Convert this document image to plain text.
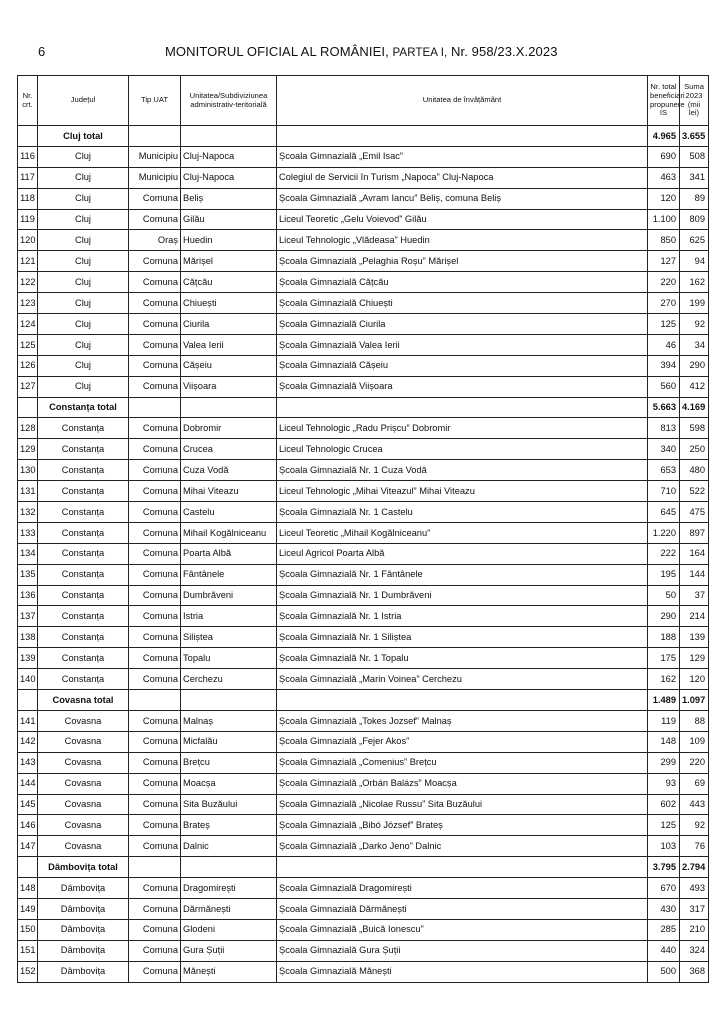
6	MONITORUL OFICIAL AL ROMÂNIEI, PARTEA I, Nr. 958/23.X.2023
Nr. crt.	Județul	Tip UAT	Unitatea/Subdiviziunea administrativ-teritorială	Unitatea de învățământ	Nr. total beneficiari propunere IS	Suma 2023 (mii lei)
	Cluj total				4.965	3.655
116	Cluj	Municipiu	Cluj-Napoca	Școala Gimnazială „Emil Isac”	690	508
117	Cluj	Municipiu	Cluj-Napoca	Colegiul de Servicii în Turism „Napoca” Cluj-Napoca	463	341
118	Cluj	Comuna	Beliș	Școala Gimnazială „Avram Iancu” Beliș, comuna Beliș	120	89
119	Cluj	Comuna	Gilău	Liceul Teoretic „Gelu Voievod” Gilău	1.100	809
120	Cluj	Oraș	Huedin	Liceul Tehnologic „Vlădeasa” Huedin	850	625
121	Cluj	Comuna	Mărișel	Școala Gimnazială „Pelaghia Roșu” Mărișel	127	94
122	Cluj	Comuna	Cățcău	Școala Gimnazială Cățcău	220	162
123	Cluj	Comuna	Chiuești	Școala Gimnazială Chiuești	270	199
124	Cluj	Comuna	Ciurila	Școala Gimnazială Ciurila	125	92
125	Cluj	Comuna	Valea Ierii	Școala Gimnazială Valea Ierii	46	34
126	Cluj	Comuna	Cășeiu	Școala Gimnazială Cășeiu	394	290
127	Cluj	Comuna	Viișoara	Școala Gimnazială Viișoara	560	412
	Constanța total				5.663	4.169
128	Constanța	Comuna	Dobromir	Liceul Tehnologic „Radu Prișcu” Dobromir	813	598
129	Constanța	Comuna	Crucea	Liceul Tehnologic Crucea	340	250
130	Constanța	Comuna	Cuza Vodă	Școala Gimnazială Nr. 1 Cuza Vodă	653	480
131	Constanța	Comuna	Mihai Viteazu	Liceul Tehnologic „Mihai Viteazul” Mihai Viteazu	710	522
132	Constanța	Comuna	Castelu	Școala Gimnazială Nr. 1 Castelu	645	475
133	Constanța	Comuna	Mihail Kogălniceanu	Liceul Teoretic „Mihail Kogălniceanu”	1.220	897
134	Constanța	Comuna	Poarta Albă	Liceul Agricol Poarta Albă	222	164
135	Constanța	Comuna	Fântânele	Școala Gimnazială Nr. 1 Fântânele	195	144
136	Constanța	Comuna	Dumbrăveni	Școala Gimnazială Nr. 1 Dumbrăveni	50	37
137	Constanța	Comuna	Istria	Școala Gimnazială Nr. 1 Istria	290	214
138	Constanța	Comuna	Siliștea	Școala Gimnazială Nr. 1 Siliștea	188	139
139	Constanța	Comuna	Topalu	Școala Gimnazială Nr. 1 Topalu	175	129
140	Constanța	Comuna	Cerchezu	Școala Gimnazială „Marin Voinea” Cerchezu	162	120
	Covasna total				1.489	1.097
141	Covasna	Comuna	Malnaș	Școala Gimnazială „Tokes Jozsef” Malnaș	119	88
142	Covasna	Comuna	Micfalău	Școala Gimnazială „Fejer Akos”	148	109
143	Covasna	Comuna	Brețcu	Școala Gimnazială „Comenius” Brețcu	299	220
144	Covasna	Comuna	Moacșa	Școala Gimnazială „Orbán Balázs” Moacșa	93	69
145	Covasna	Comuna	Sita Buzăului	Școala Gimnazială „Nicolae Russu” Sita Buzăului	602	443
146	Covasna	Comuna	Brateș	Școala Gimnazială „Bibó József” Brateș	125	92
147	Covasna	Comuna	Dalnic	Școala Gimnazială „Darko Jeno” Dalnic	103	76
	Dâmbovița total				3.795	2.794
148	Dâmbovița	Comuna	Dragomirești	Școala Gimnazială Dragomirești	670	493
149	Dâmbovița	Comuna	Dărmănești	Școala Gimnazială Dărmănești	430	317
150	Dâmbovița	Comuna	Glodeni	Școala Gimnazială „Buică Ionescu”	285	210
151	Dâmbovița	Comuna	Gura Șuții	Școala Gimnazială Gura Șuții	440	324
152	Dâmbovița	Comuna	Mănești	Școala Gimnazială Mănești	500	368
